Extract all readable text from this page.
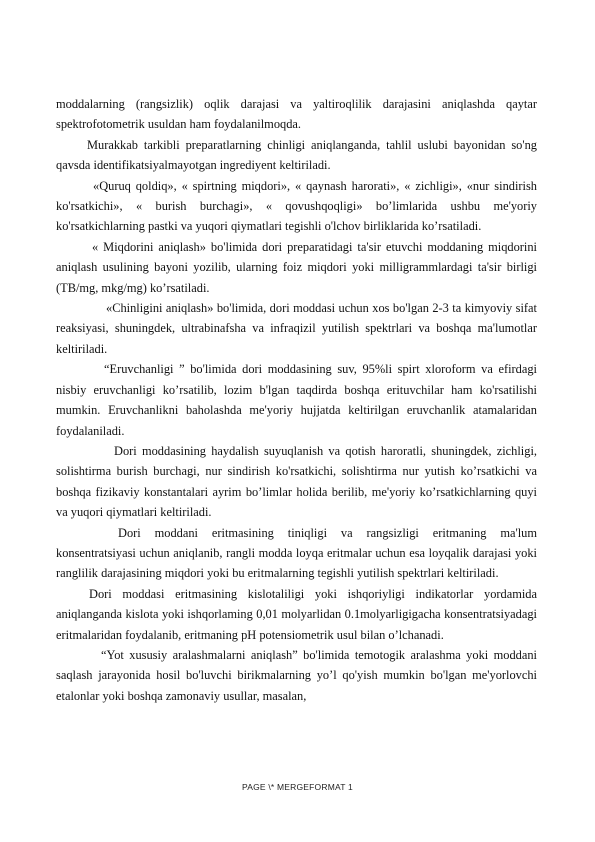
moddalarning (rangsizlik) oqlik darajasi va yaltiroqlilik darajasini aniqlashda qaytar spektrofotometrik usuldan ham foydalanilmoqda.

Murakkab tarkibli preparatlarning chinligi aniqlanganda, tahlil uslubi bayonidan so'ng qavsda identifikatsiyalmayotgan ingrediyent keltiriladi.

«Quruq qoldiq», « spirtning miqdori», « qaynash harorati», « zichligi», «nur sindirish ko'rsatkichi», « burish burchagi», « qovushqoqligi» bo’limlarida ushbu me'yoriy ko'rsatkichlarning pastki va yuqori qiymatlari tegishli o'lchov birliklarida ko’rsatiladi.

« Miqdorini aniqlash» bo'limida dori preparatidagi ta'sir etuvchi moddaning miqdorini aniqlash usulining bayoni yozilib, ularning foiz miqdori yoki milligrammlardagi ta'sir birligi (TB/mg, mkg/mg) ko’rsatiladi.

«Chinligini aniqlash» bo'limida, dori moddasi uchun xos bo'lgan 2-3 ta kimyoviy sifat reaksiyasi, shuningdek, ultrabinafsha va infraqizil yutilish spektrlari va boshqa ma'lumotlar keltiriladi.

“Eruvchanligi ” bo'limida dori moddasining suv, 95%li spirt xloroform va efirdagi nisbiy eruvchanligi ko’rsatilib, lozim b'lgan taqdirda boshqa erituvchilar ham ko'rsatilishi mumkin. Eruvchanlikni baholashda me'yoriy hujjatda keltirilgan eruvchanlik atamalaridan foydalaniladi.

Dori moddasining haydalish suyuqlanish va qotish haroratli, shuningdek, zichligi, solishtirma burish burchagi, nur sindirish ko'rsatkichi, solishtirma nur yutish ko’rsatkichi va boshqa fizikaviy konstantalari ayrim bo’limlar holida berilib, me'yoriy ko’rsatkichlarning quyi va yuqori qiymatlari keltiriladi.

Dori moddani eritmasining tiniqligi va rangsizligi eritmaning ma'lum konsentratsiyasi uchun aniqlanib, rangli modda loyqa eritmalar uchun esa loyqalik darajasi yoki ranglilik darajasining miqdori yoki bu eritmalarning tegishli yutilish spektrlari keltiriladi.

Dori moddasi eritmasining kislotaliligi yoki ishqoriyligi indikatorlar yordamida aniqlanganda kislota yoki ishqorlaming 0,01 molyarlidan 0.1molyarligigacha konsentratsiyadagi eritmalaridan foydalanib, eritmaning pH potensiometrik usul bilan o’lchanadi.

“Yot xususiy aralashmalarni aniqlash” bo'limida temotogik aralashma yoki moddani saqlash jarayonida hosil bo'luvchi birikmalarning yo’l qo'yish mumkin bo'lgan me'yorlovchi etalonlar yoki boshqa zamonaviy usullar, masalan,

PAGE \* MERGEFORMAT 1
